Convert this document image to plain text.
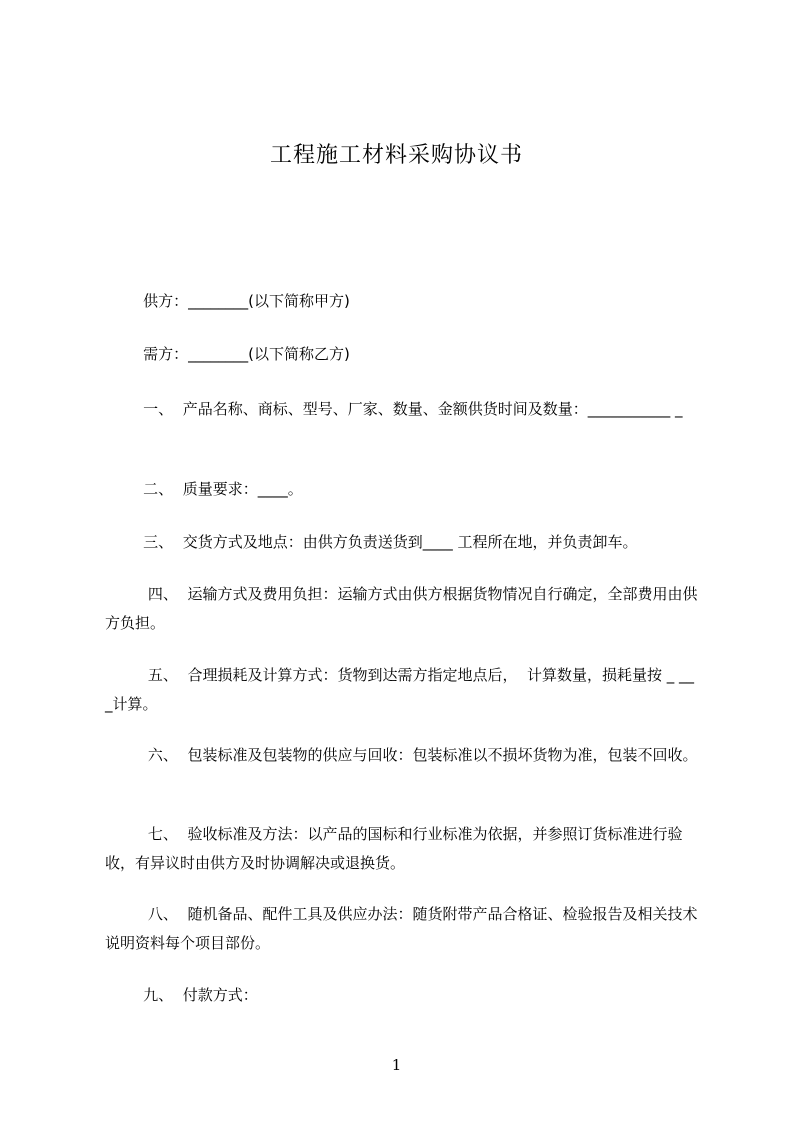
工程施工材料采购协议书
供方：________(以下简称甲方)
需方：________(以下简称乙方)
一、  产品名称、商标、型号、厂家、数量、金额供货时间及数量：___________ _
二、  质量要求：____。
三、  交货方式及地点：由供方负责送货到____ 工程所在地，并负责卸车。
四、  运输方式及费用负担：运输方式由供方根据货物情况自行确定，全部费用由供方负担。
五、  合理损耗及计算方式：货物到达需方指定地点后，  计算数量，损耗量按 _ ___计算。
六、  包装标准及包装物的供应与回收：包装标准以不损坏货物为准，包装不回收。
七、  验收标准及方法：以产品的国标和行业标准为依据，并参照订货标准进行验收，有异议时由供方及时协调解决或退换货。
八、  随机备品、配件工具及供应办法：随货附带产品合格证、检验报告及相关技术说明资料每个项目部份。
九、  付款方式：
1
